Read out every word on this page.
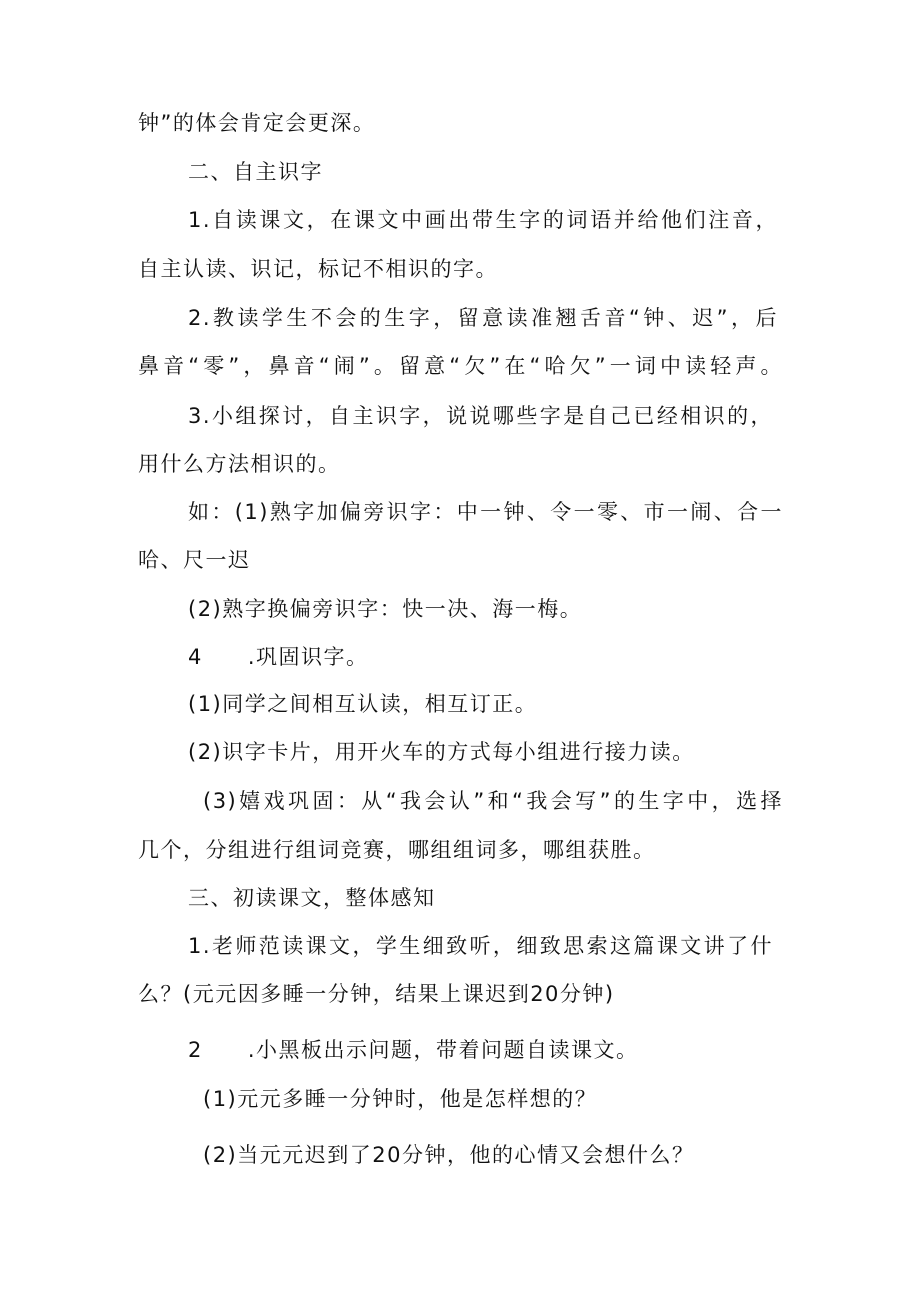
钟”的体会肯定会更深。
二、自主识字
1.自读课文，在课文中画出带生字的词语并给他们注音，
自主认读、识记，标记不相识的字。
2.教读学生不会的生字，留意读准翘舌音“钟、迟”，后
鼻音“零”，鼻音“闹”。留意“欠”在“哈欠”一词中读轻声。
3.小组探讨，自主识字，说说哪些字是自己已经相识的，
用什么方法相识的。
如：(1)熟字加偏旁识字：中一钟、令一零、市一闹、合一
哈、尺一迟
(2)熟字换偏旁识字：快一决、海一梅。
4　　.巩固识字。
(1)同学之间相互认读，相互订正。
(2)识字卡片，用开火车的方式每小组进行接力读。
(3)嬉戏巩固：从“我会认”和“我会写”的生字中，选择
几个，分组进行组词竞赛，哪组组词多，哪组获胜。
三、初读课文，整体感知
1.老师范读课文，学生细致听，细致思索这篇课文讲了什
么？(元元因多睡一分钟，结果上课迟到20分钟)
2　　.小黑板出示问题，带着问题自读课文。
(1)元元多睡一分钟时，他是怎样想的？
(2)当元元迟到了20分钟，他的心情又会想什么？
